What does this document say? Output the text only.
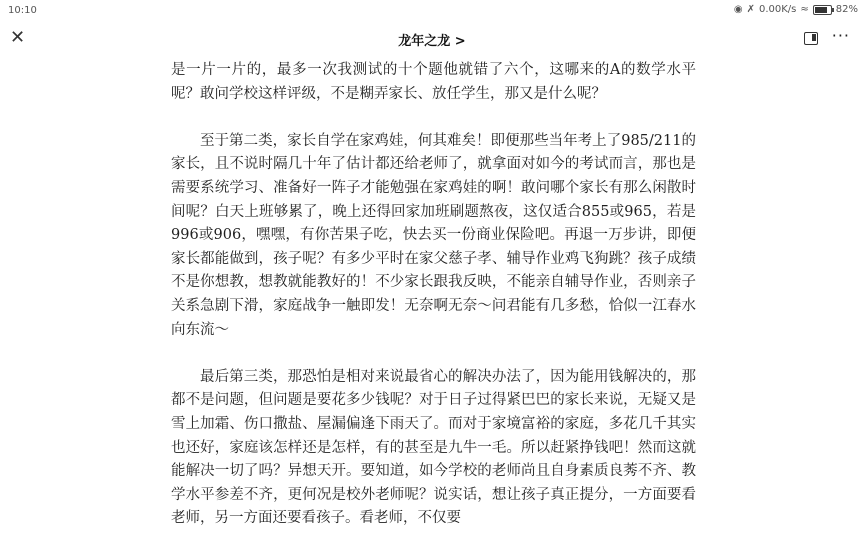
10:10	◉ ✗ 0.00K/s ≈	82%
✕	龙年之龙 >	···

是一片一片的，最多一次我测试的十个题他就错了六个，这哪来的A的数学水平呢？敢问学校这样评级，不是糊弄家长、放任学生，那又是什么呢？

至于第二类，家长自学在家鸡娃，何其难矣！即便那些当年考上了985/211的家长，且不说时隔几十年了估计都还给老师了，就拿面对如今的考试而言，那也是需要系统学习、准备好一阵子才能勉强在家鸡娃的啊！敢问哪个家长有那么闲散时间呢？白天上班够累了，晚上还得回家加班刷题熬夜，这仅适合855或965，若是996或906，嘿嘿，有你苦果子吃，快去买一份商业保险吧。再退一万步讲，即便家长都能做到，孩子呢？有多少平时在家父慈子孝、辅导作业鸡飞狗跳？孩子成绩不是你想教，想教就能教好的！不少家长跟我反映，不能亲自辅导作业，否则亲子关系急剧下滑，家庭战争一触即发！无奈啊无奈～问君能有几多愁，恰似一江春水向东流～

最后第三类，那恐怕是相对来说最省心的解决办法了，因为能用钱解决的，那都不是问题，但问题是要花多少钱呢？对于日子过得紧巴巴的家长来说，无疑又是雪上加霜、伤口撒盐、屋漏偏逢下雨天了。而对于家境富裕的家庭，多花几千其实也还好，家庭该怎样还是怎样，有的甚至是九牛一毛。所以赶紧挣钱吧！然而这就能解决一切了吗？异想天开。要知道，如今学校的老师尚且自身素质良莠不齐、教学水平参差不齐，更何况是校外老师呢？说实话，想让孩子真正提分，一方面要看老师，另一方面还要看孩子。看老师，不仅要
